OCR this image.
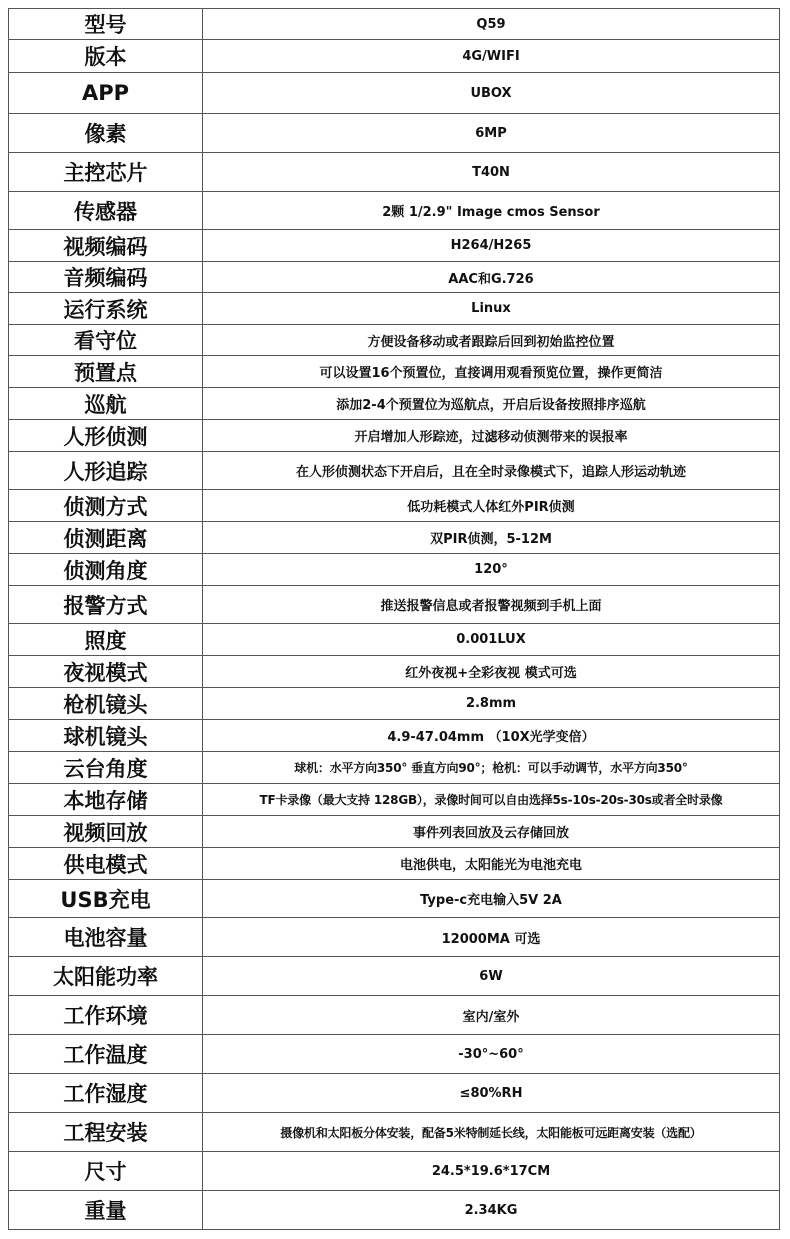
型号	Q59
版本	4G/WIFI
APP	UBOX
像素	6MP
主控芯片	T40N
传感器	2颗 1/2.9" Image cmos Sensor
视频编码	H264/H265
音频编码	AAC和G.726
运行系统	Linux
看守位	方便设备移动或者跟踪后回到初始监控位置
预置点	可以设置16个预置位，直接调用观看预览位置，操作更简洁
巡航	添加2-4个预置位为巡航点，开启后设备按照排序巡航
人形侦测	开启增加人形踪迹，过滤移动侦测带来的误报率
人形追踪	在人形侦测状态下开启后，且在全时录像模式下，追踪人形运动轨迹
侦测方式	低功耗模式人体红外PIR侦测
侦测距离	双PIR侦测，5-12M
侦测角度	120°
报警方式	推送报警信息或者报警视频到手机上面
照度	0.001LUX
夜视模式	红外夜视+全彩夜视 模式可选
枪机镜头	2.8mm
球机镜头	4.9-47.04mm （10X光学变倍）
云台角度	球机：水平方向350° 垂直方向90°；枪机：可以手动调节，水平方向350°
本地存储	TF卡录像（最大支持 128GB），录像时间可以自由选择5s-10s-20s-30s或者全时录像
视频回放	事件列表回放及云存储回放
供电模式	电池供电，太阳能光为电池充电
USB充电	Type-c充电输入5V 2A
电池容量	12000MA 可选
太阳能功率	6W
工作环境	室内/室外
工作温度	-30°~60°
工作湿度	≤80%RH
工程安装	摄像机和太阳板分体安装，配备5米特制延长线，太阳能板可远距离安装（选配）
尺寸	24.5*19.6*17CM
重量	2.34KG
